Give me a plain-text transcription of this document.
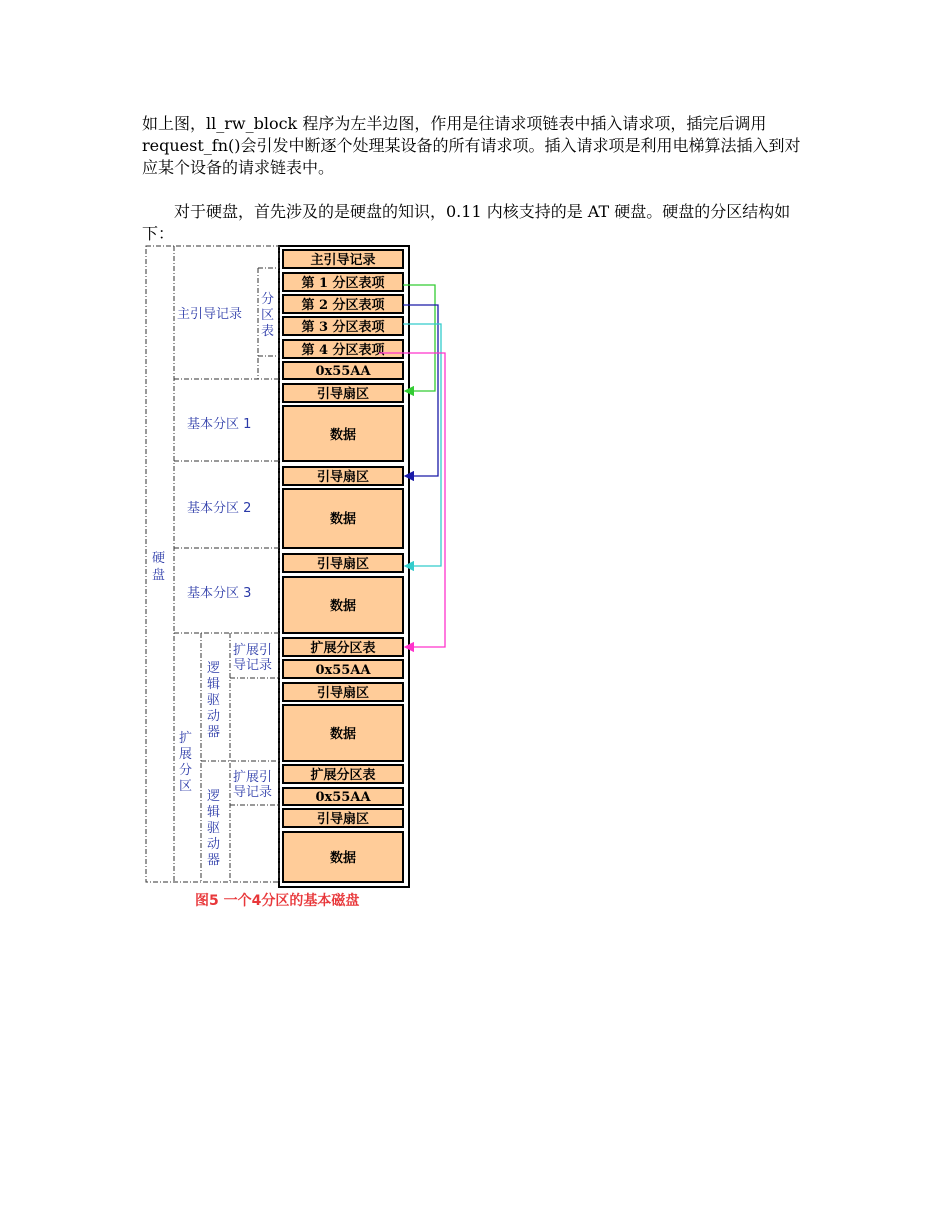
如上图，ll_rw_block 程序为左半边图，作用是往请求项链表中插入请求项，插完后调用 request_fn()会引发中断逐个处理某设备的所有请求项。插入请求项是利用电梯算法插入到对应某个设备的请求链表中。

对于硬盘，首先涉及的是硬盘的知识，0.11 内核支持的是 AT 硬盘。硬盘的分区结构如下：

主引导记录
第 1 分区表项
第 2 分区表项
第 3 分区表项
第 4 分区表项
0x55AA
引导扇区
数据
引导扇区
数据
引导扇区
数据
扩展分区表
0x55AA
引导扇区
数据
扩展分区表
0x55AA
引导扇区
数据
主引导记录
基本分区 1
基本分区 2
基本分区 3
扩展引
导记录
扩展引
导记录
硬盘
分区表
扩展分区
逻辑驱动器
逻辑驱动器
图5 一个4分区的基本磁盘
